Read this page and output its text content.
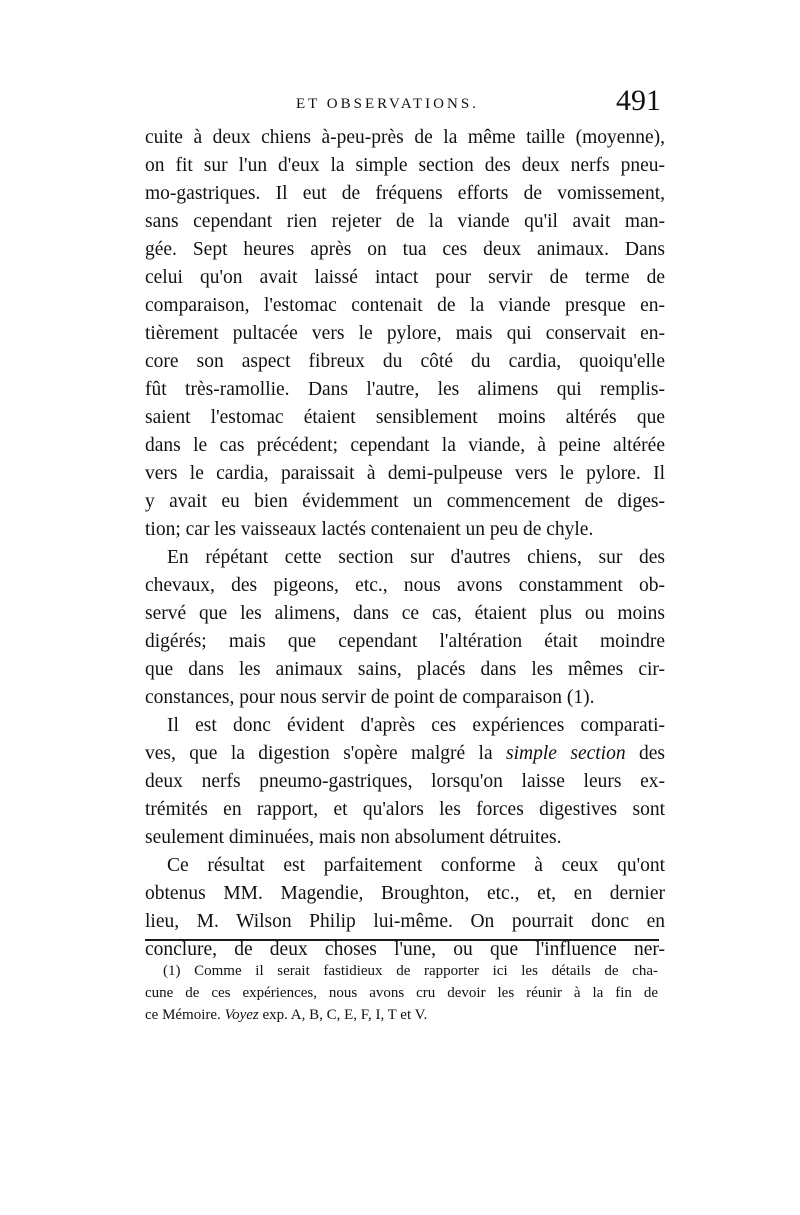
ET OBSERVATIONS.	491
cuite à deux chiens à-peu-près de la même taille (moyenne),
on fit sur l'un d'eux la simple section des deux nerfs pneu-
mo-gastriques. Il eut de fréquens efforts de vomissement,
sans cependant rien rejeter de la viande qu'il avait man-
gée. Sept heures après on tua ces deux animaux. Dans
celui qu'on avait laissé intact pour servir de terme de
comparaison, l'estomac contenait de la viande presque en-
tièrement pultacée vers le pylore, mais qui conservait en-
core son aspect fibreux du côté du cardia, quoiqu'elle
fût très-ramollie. Dans l'autre, les alimens qui remplis-
saient l'estomac étaient sensiblement moins altérés que
dans le cas précédent; cependant la viande, à peine altérée
vers le cardia, paraissait à demi-pulpeuse vers le pylore. Il
y avait eu bien évidemment un commencement de diges-
tion; car les vaisseaux lactés contenaient un peu de chyle.
En répétant cette section sur d'autres chiens, sur des
chevaux, des pigeons, etc., nous avons constamment ob-
servé que les alimens, dans ce cas, étaient plus ou moins
digérés; mais que cependant l'altération était moindre
que dans les animaux sains, placés dans les mêmes cir-
constances, pour nous servir de point de comparaison (1).
Il est donc évident d'après ces expériences comparati-
ves, que la digestion s'opère malgré la simple section des
deux nerfs pneumo-gastriques, lorsqu'on laisse leurs ex-
trémités en rapport, et qu'alors les forces digestives sont
seulement diminuées, mais non absolument détruites.
Ce résultat est parfaitement conforme à ceux qu'ont
obtenus MM. Magendie, Broughton, etc., et, en dernier
lieu, M. Wilson Philip lui-même. On pourrait donc en
conclure, de deux choses l'une, ou que l'influence ner-
(1) Comme il serait fastidieux de rapporter ici les détails de cha-
cune de ces expériences, nous avons cru devoir les réunir à la fin de
ce Mémoire. Voyez exp. A, B, C, E, F, I, T et V.
